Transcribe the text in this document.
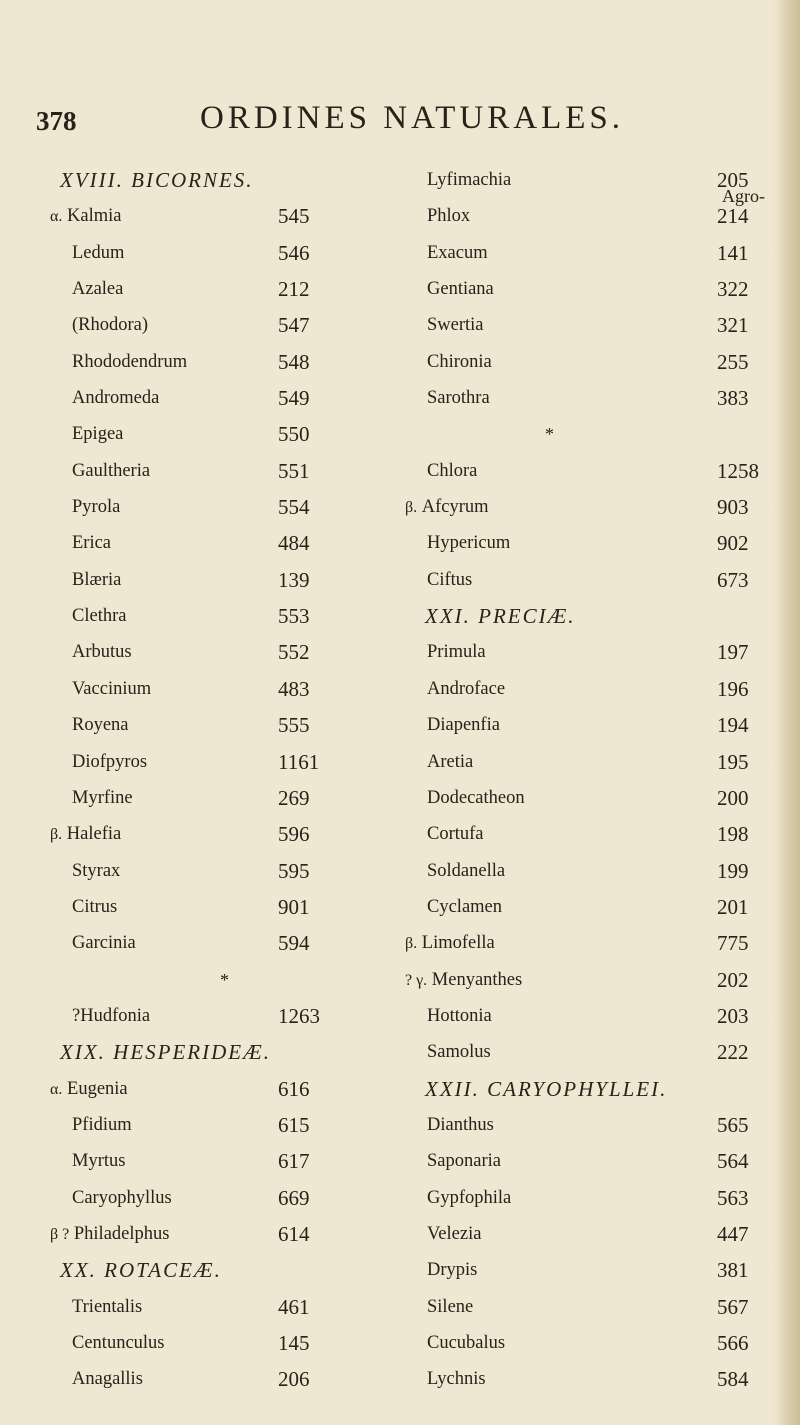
378	ORDINES NATURALES.
XVIII. BICORNES.
α. Kalmia	545
Ledum	546
Azalea	212
(Rhodora)	547
Rhododendrum	548
Andromeda	549
Epigea	550
Gaultheria	551
Pyrola	554
Erica	484
Blæria	139
Clethra	553
Arbutus	552
Vaccinium	483
Royena	555
Diofpyros	1161
Myrfine	269
β. Halefia	596
Styrax	595
Citrus	901
Garcinia	594
*
?Hudfonia	1263
XIX. HESPERIDEÆ.
α. Eugenia	616
Pfidium	615
Myrtus	617
Caryophyllus	669
β ? Philadelphus	614
XX. ROTACEÆ.
Trientalis	461
Centunculus	145
Anagallis	206
Lyfimachia	205
Phlox	214
Exacum	141
Gentiana	322
Swertia	321
Chironia	255
Sarothra	383
*
Chlora	1258
β. Afcyrum	903
Hypericum	902
Ciftus	673
XXI. PRECIÆ.
Primula	197
Androface	196
Diapenfia	194
Aretia	195
Dodecatheon	200
Cortufa	198
Soldanella	199
Cyclamen	201
β. Limofella	775
? γ. Menyanthes	202
Hottonia	203
Samolus	222
XXII. CARYOPHYLLEI.
Dianthus	565
Saponaria	564
Gypfophila	563
Velezia	447
Drypis	381
Silene	567
Cucubalus	566
Lychnis	584
Agro-
